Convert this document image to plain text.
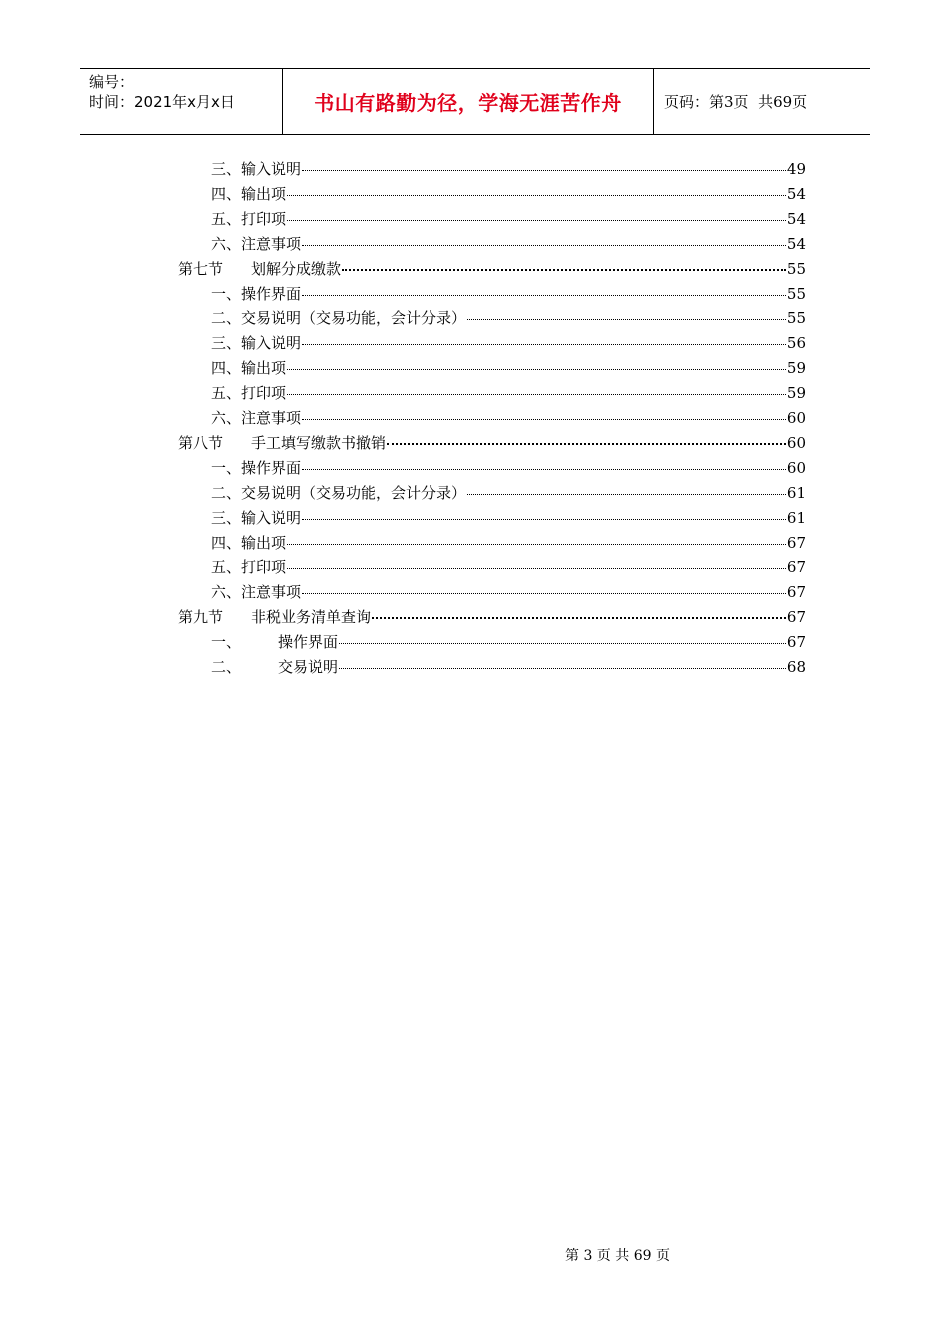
编号：
时间：2021年x月x日	书山有路勤为径，学海无涯苦作舟	页码：第3页  共69页
三、 输入说明	49
四、 输出项	54
五、 打印项	54
六、 注意事项	54
第七节 划解分成缴款	55
一、 操作界面	55
二、 交易说明（交易功能，会计分录）	55
三、 输入说明	56
四、 输出项	59
五、 打印项	59
六、 注意事项	60
第八节 手工填写缴款书撤销	60
一、 操作界面	60
二、 交易说明（交易功能，会计分录）	61
三、 输入说明	61
四、 输出项	67
五、 打印项	67
六、 注意事项	67
第九节 非税业务清单查询	67
一、 操作界面	67
二、 交易说明	68
第 3 页 共 69 页
